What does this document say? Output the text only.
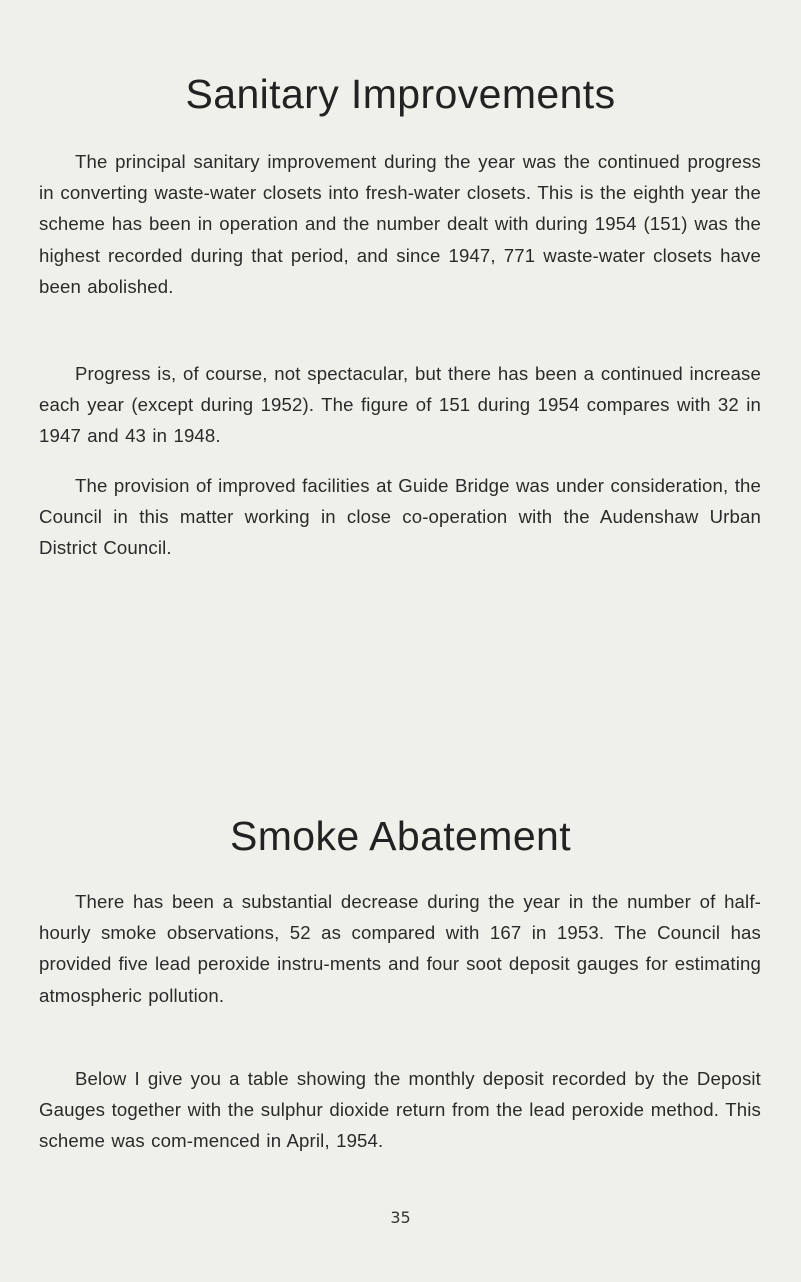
Sanitary Improvements

The principal sanitary improvement during the year was the continued progress in converting waste-water closets into fresh-water closets. This is the eighth year the scheme has been in operation and the number dealt with during 1954 (151) was the highest recorded during that period, and since 1947, 771 waste-water closets have been abolished.

Progress is, of course, not spectacular, but there has been a continued increase each year (except during 1952). The figure of 151 during 1954 compares with 32 in 1947 and 43 in 1948.

The provision of improved facilities at Guide Bridge was under consideration, the Council in this matter working in close co-operation with the Audenshaw Urban District Council.

Smoke Abatement

There has been a substantial decrease during the year in the number of half-hourly smoke observations, 52 as compared with 167 in 1953. The Council has provided five lead peroxide instru-ments and four soot deposit gauges for estimating atmospheric pollution.

Below I give you a table showing the monthly deposit recorded by the Deposit Gauges together with the sulphur dioxide return from the lead peroxide method. This scheme was com-menced in April, 1954.

35
